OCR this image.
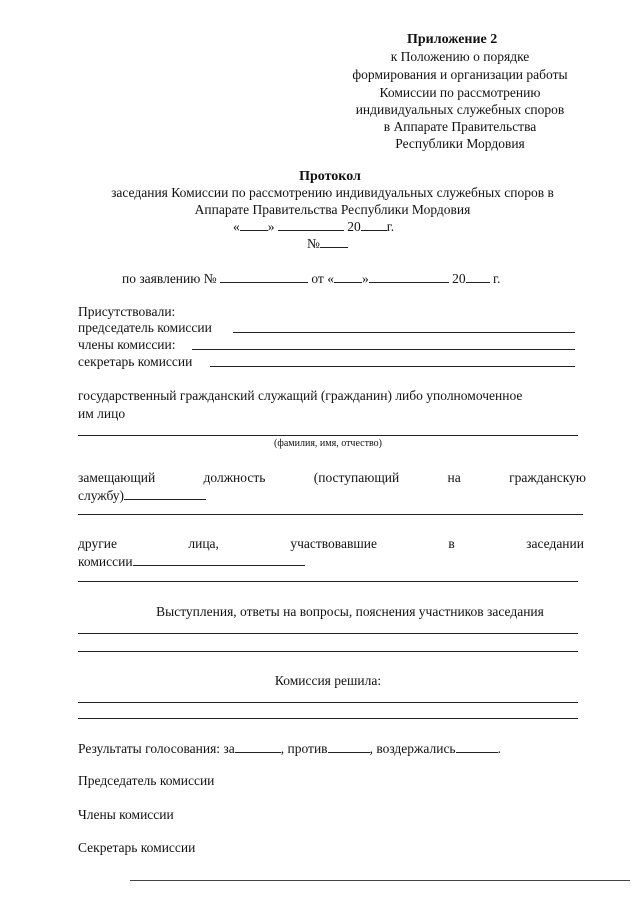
Приложение 2
к Положению о порядке
формирования и организации работы
Комиссии по рассмотрению
индивидуальных служебных споров
в Аппарате Правительства
Республики Мордовия
Протокол
заседания Комиссии по рассмотрению индивидуальных служебных споров в
Аппарате Правительства Республики Мордовия
« »	20 г.
№
по заявлению №	от « »	20 г.
Присутствовали:
председатель комиссии
члены комиссии:
секретарь комиссии
государственный гражданский служащий (гражданин) либо уполномоченное
им лицо
(фамилия, имя, отчество)
замещающий	должность	(поступающий	на	гражданскую
службу)
другие	лица,	участвовавшие	в	заседании
комиссии
Выступления, ответы на вопросы, пояснения участников заседания
Комиссия решила:
Результаты голосования: за	, против	, воздержались	.
Председатель комиссии
Члены комиссии
Секретарь комиссии
